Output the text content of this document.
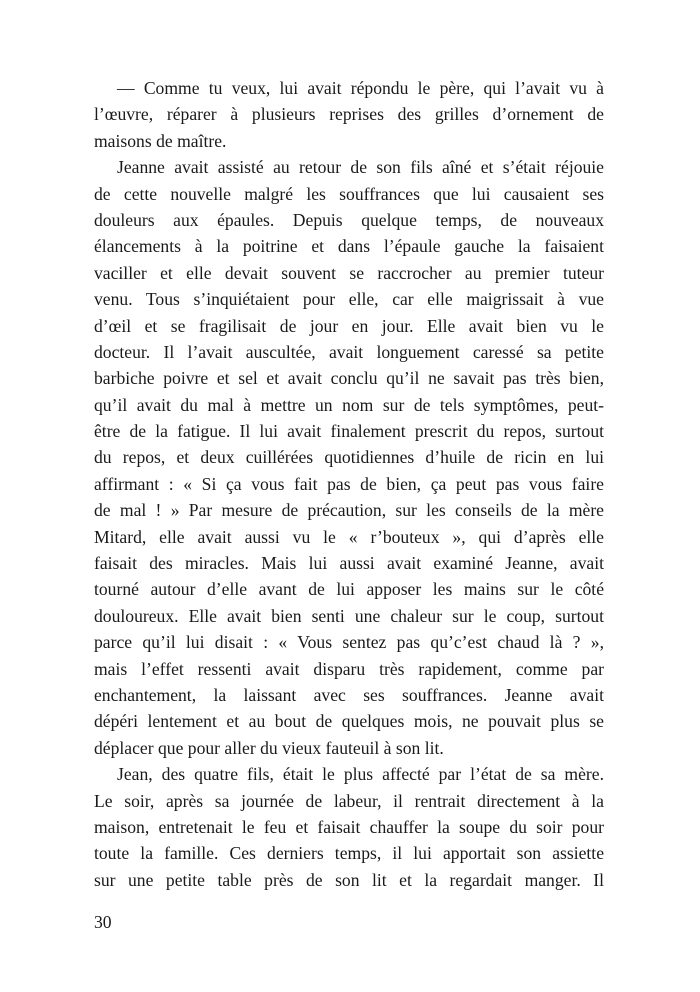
— Comme tu veux, lui avait répondu le père, qui l’avait vu à
l’œuvre, réparer à plusieurs reprises des grilles d’ornement de
maisons de maître.
Jeanne avait assisté au retour de son fils aîné et s’était réjouie
de cette nouvelle malgré les souffrances que lui causaient ses
douleurs aux épaules. Depuis quelque temps, de nouveaux
élancements à la poitrine et dans l’épaule gauche la faisaient
vaciller et elle devait souvent se raccrocher au premier tuteur
venu. Tous s’inquiétaient pour elle, car elle maigrissait à vue
d’œil et se fragilisait de jour en jour. Elle avait bien vu le
docteur. Il l’avait auscultée, avait longuement caressé sa petite
barbiche poivre et sel et avait conclu qu’il ne savait pas très bien,
qu’il avait du mal à mettre un nom sur de tels symptômes, peut-
être de la fatigue. Il lui avait finalement prescrit du repos, surtout
du repos, et deux cuillérées quotidiennes d’huile de ricin en lui
affirmant : « Si ça vous fait pas de bien, ça peut pas vous faire
de mal ! » Par mesure de précaution, sur les conseils de la mère
Mitard, elle avait aussi vu le « r’bouteux », qui d’après elle
faisait des miracles. Mais lui aussi avait examiné Jeanne, avait
tourné autour d’elle avant de lui apposer les mains sur le côté
douloureux. Elle avait bien senti une chaleur sur le coup, surtout
parce qu’il lui disait : « Vous sentez pas qu’c’est chaud là ? »,
mais l’effet ressenti avait disparu très rapidement, comme par
enchantement, la laissant avec ses souffrances. Jeanne avait
dépéri lentement et au bout de quelques mois, ne pouvait plus se
déplacer que pour aller du vieux fauteuil à son lit.
Jean, des quatre fils, était le plus affecté par l’état de sa mère.
Le soir, après sa journée de labeur, il rentrait directement à la
maison, entretenait le feu et faisait chauffer la soupe du soir pour
toute la famille. Ces derniers temps, il lui apportait son assiette
sur une petite table près de son lit et la regardait manger. Il
30
